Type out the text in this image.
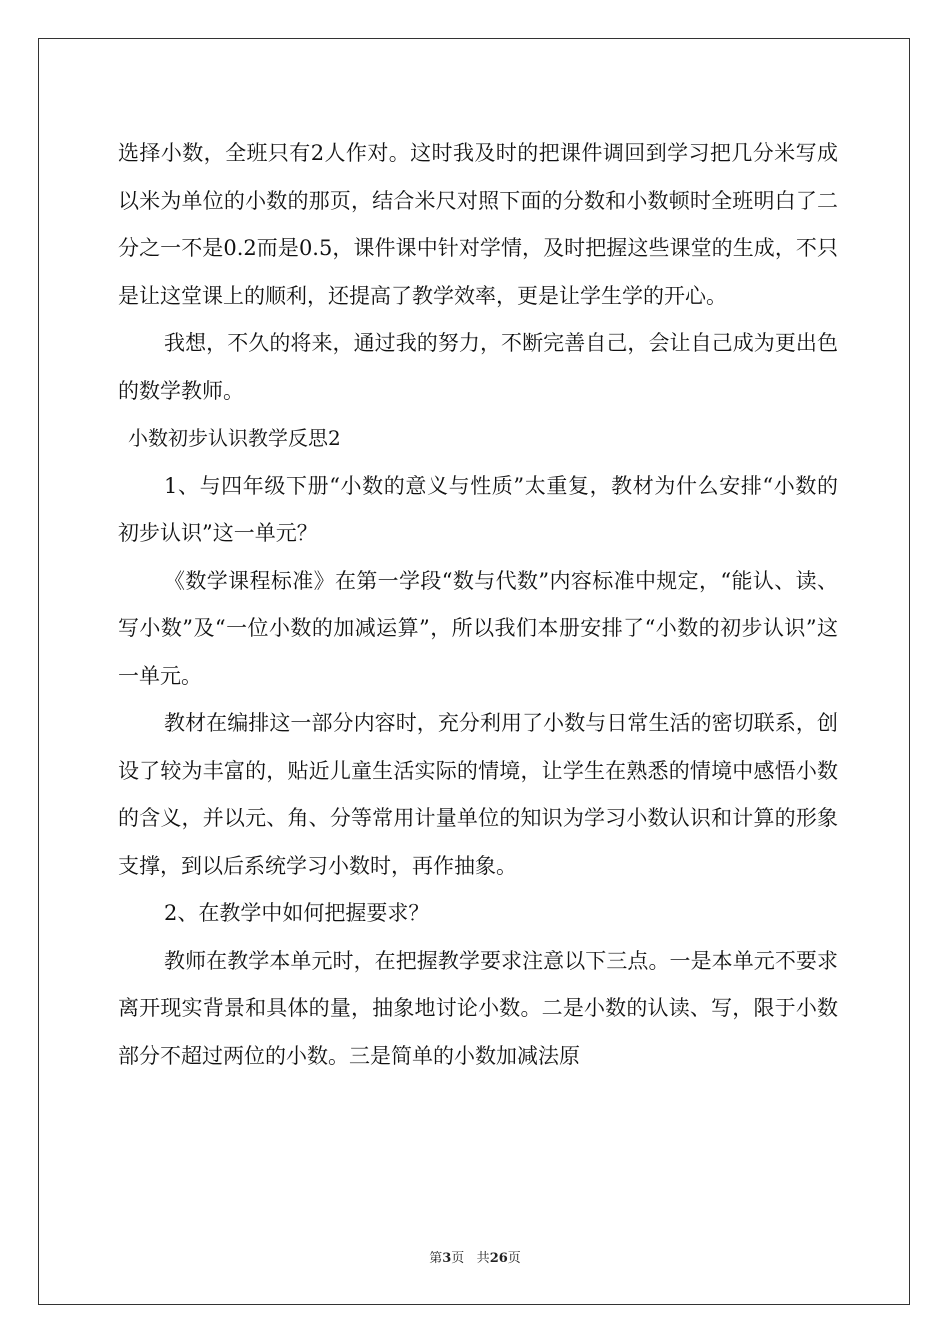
选择小数，全班只有2人作对。这时我及时的把课件调回到学习把几分米写成以米为单位的小数的那页，结合米尺对照下面的分数和小数顿时全班明白了二分之一不是0.2而是0.5，课件课中针对学情，及时把握这些课堂的生成，不只是让这堂课上的顺利，还提高了教学效率，更是让学生学的开心。

我想，不久的将来，通过我的努力，不断完善自己，会让自己成为更出色的数学教师。

小数初步认识教学反思2

1、与四年级下册“小数的意义与性质”太重复，教材为什么安排“小数的初步认识”这一单元？

《数学课程标准》在第一学段“数与代数”内容标准中规定，“能认、读、写小数”及“一位小数的加减运算”，所以我们本册安排了“小数的初步认识”这一单元。

教材在编排这一部分内容时，充分利用了小数与日常生活的密切联系，创设了较为丰富的，贴近儿童生活实际的情境，让学生在熟悉的情境中感悟小数的含义，并以元、角、分等常用计量单位的知识为学习小数认识和计算的形象支撑，到以后系统学习小数时，再作抽象。

2、在教学中如何把握要求？

教师在教学本单元时，在把握教学要求注意以下三点。一是本单元不要求离开现实背景和具体的量，抽象地讨论小数。二是小数的认读、写，限于小数部分不超过两位的小数。三是简单的小数加减法原

第3页 共26页
